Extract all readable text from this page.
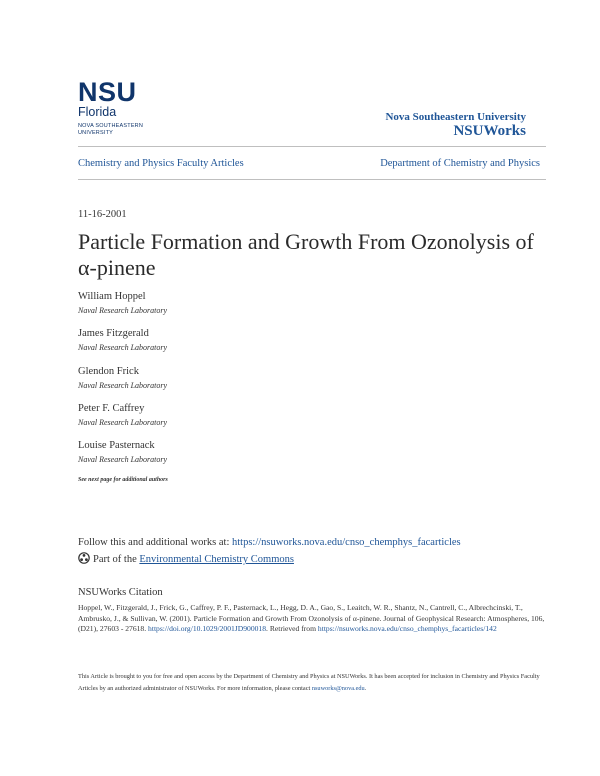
NSU
Florida
NOVA SOUTHEASTERN
UNIVERSITY
Nova Southeastern University
NSUWorks
Chemistry and Physics Faculty Articles	Department of Chemistry and Physics
11-16-2001
Particle Formation and Growth From Ozonolysis of α-pinene
William Hoppel
Naval Research Laboratory
James Fitzgerald
Naval Research Laboratory
Glendon Frick
Naval Research Laboratory
Peter F. Caffrey
Naval Research Laboratory
Louise Pasternack
Naval Research Laboratory
See next page for additional authors
Follow this and additional works at: https://nsuworks.nova.edu/cnso_chemphys_facarticles
Part of the Environmental Chemistry Commons
NSUWorks Citation
Hoppel, W., Fitzgerald, J., Frick, G., Caffrey, P. F., Pasternack, L., Hegg, D. A., Gao, S., Leaitch, W. R., Shantz, N., Cantrell, C., Albrechcinski, T., Ambrusko, J., & Sullivan, W. (2001). Particle Formation and Growth From Ozonolysis of α-pinene. Journal of Geophysical Research: Atmospheres, 106, (D21), 27603 - 27618. https://doi.org/10.1029/2001JD900018. Retrieved from https://nsuworks.nova.edu/cnso_chemphys_facarticles/142
This Article is brought to you for free and open access by the Department of Chemistry and Physics at NSUWorks. It has been accepted for inclusion in Chemistry and Physics Faculty Articles by an authorized administrator of NSUWorks. For more information, please contact nsuworks@nova.edu.
